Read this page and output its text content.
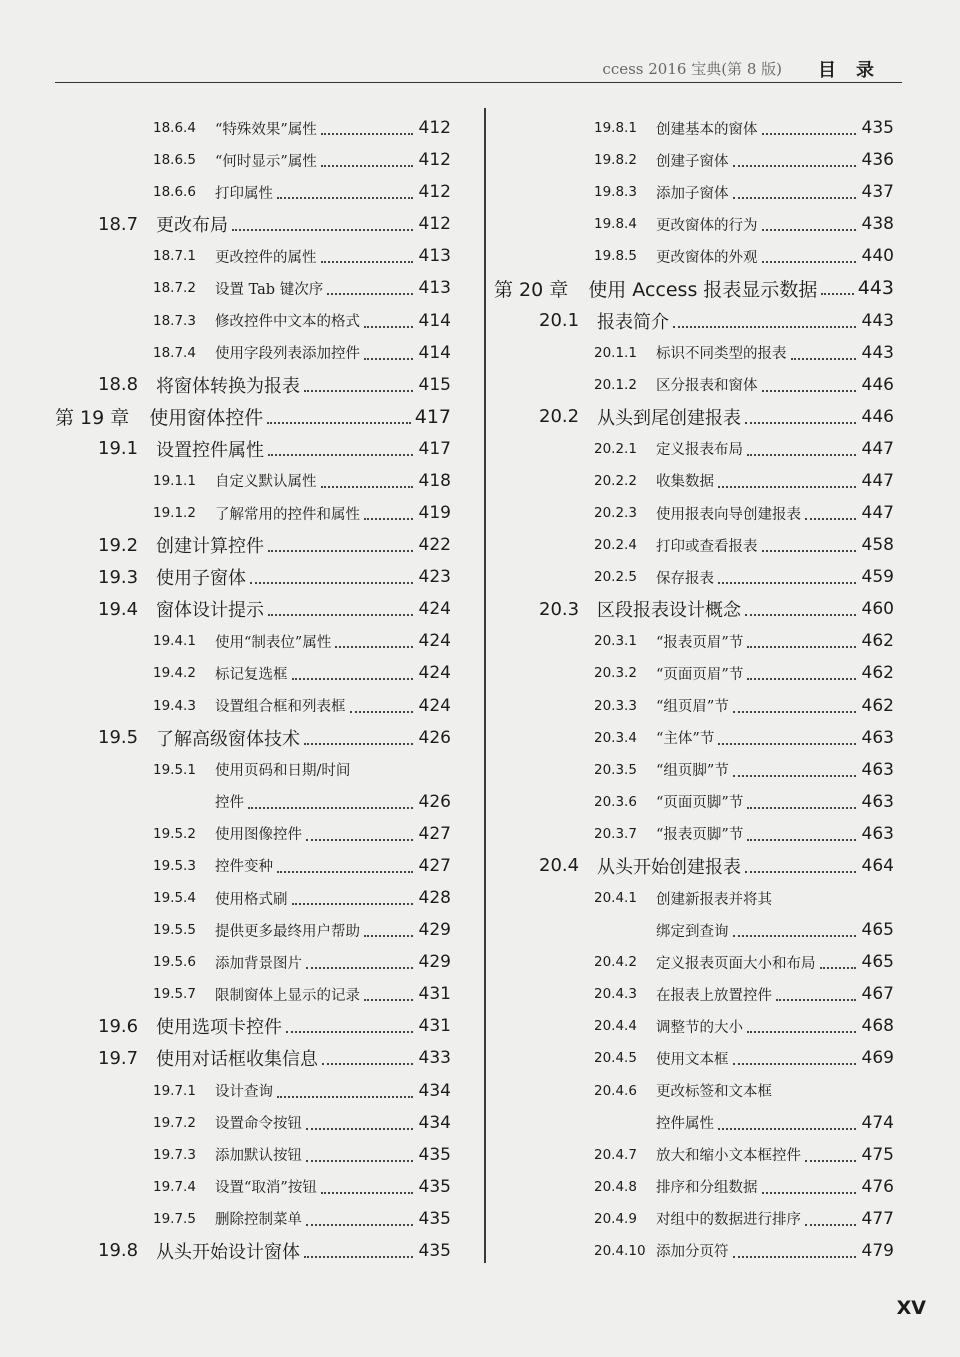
ccess 2016 宝典(第 8 版) 目录
18.6.4	“特殊效果”属性	412
18.6.5	“何时显示”属性	412
18.6.6	打印属性	412
18.7 更改布局	412
18.7.1	更改控件的属性	413
18.7.2	设置 Tab 键次序	413
18.7.3	修改控件中文本的格式	414
18.7.4	使用字段列表添加控件	414
18.8 将窗体转换为报表	415
第 19 章 使用窗体控件	417
19.1 设置控件属性	417
19.1.1	自定义默认属性	418
19.1.2	了解常用的控件和属性	419
19.2 创建计算控件	422
19.3 使用子窗体	423
19.4 窗体设计提示	424
19.4.1	使用“制表位”属性	424
19.4.2	标记复选框	424
19.4.3	设置组合框和列表框	424
19.5 了解高级窗体技术	426
19.5.1	使用页码和日期/时间
控件	426
19.5.2	使用图像控件	427
19.5.3	控件变种	427
19.5.4	使用格式刷	428
19.5.5	提供更多最终用户帮助	429
19.5.6	添加背景图片	429
19.5.7	限制窗体上显示的记录	431
19.6 使用选项卡控件	431
19.7 使用对话框收集信息	433
19.7.1	设计查询	434
19.7.2	设置命令按钮	434
19.7.3	添加默认按钮	435
19.7.4	设置“取消”按钮	435
19.7.5	删除控制菜单	435
19.8 从头开始设计窗体	435
19.8.1	创建基本的窗体	435
19.8.2	创建子窗体	436
19.8.3	添加子窗体	437
19.8.4	更改窗体的行为	438
19.8.5	更改窗体的外观	440
第 20 章 使用 Access 报表显示数据 443
20.1 报表简介	443
20.1.1	标识不同类型的报表	443
20.1.2	区分报表和窗体	446
20.2 从头到尾创建报表	446
20.2.1	定义报表布局	447
20.2.2	收集数据	447
20.2.3	使用报表向导创建报表	447
20.2.4	打印或查看报表	458
20.2.5	保存报表	459
20.3 区段报表设计概念	460
20.3.1	“报表页眉”节	462
20.3.2	“页面页眉”节	462
20.3.3	“组页眉”节	462
20.3.4	“主体”节	463
20.3.5	“组页脚”节	463
20.3.6	“页面页脚”节	463
20.3.7	“报表页脚”节	463
20.4 从头开始创建报表	464
20.4.1	创建新报表并将其
绑定到查询	465
20.4.2	定义报表页面大小和布局	465
20.4.3	在报表上放置控件	467
20.4.4	调整节的大小	468
20.4.5	使用文本框	469
20.4.6	更改标签和文本框
控件属性	474
20.4.7	放大和缩小文本框控件	475
20.4.8	排序和分组数据	476
20.4.9	对组中的数据进行排序	477
20.4.10 添加分页符	479
XV
